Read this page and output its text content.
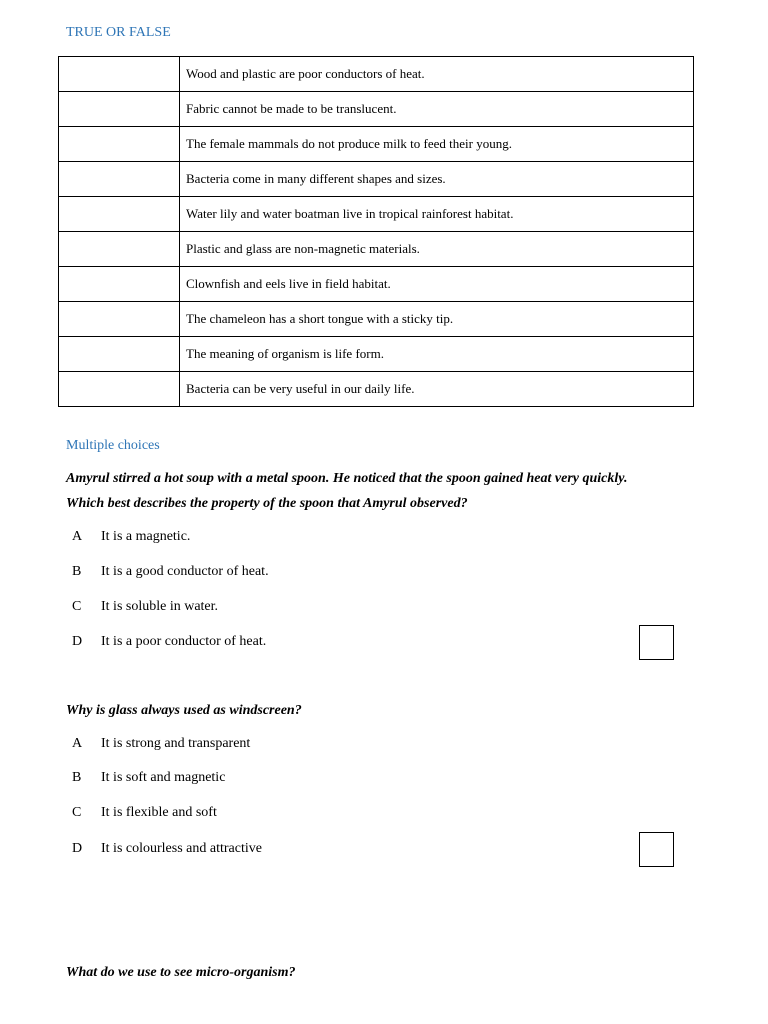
TRUE OR FALSE
	Wood and plastic are poor conductors of heat.
	Fabric cannot be made to be translucent.
	The female mammals do not produce milk to feed their young.
	Bacteria come in many different shapes and sizes.
	Water lily and water boatman live in tropical rainforest habitat.
	Plastic and glass are non-magnetic materials.
	Clownfish and eels live in field habitat.
	The chameleon has a short tongue with a sticky tip.
	The meaning of organism is life form.
	Bacteria can be very useful in our daily life.
Multiple choices
Amyrul stirred a hot soup with a metal spoon. He noticed that the spoon gained heat very quickly. Which best describes the property of the spoon that Amyrul observed?
A It is a magnetic.
B It is a good conductor of heat.
C It is soluble in water.
D It is a poor conductor of heat.
Why is glass always used as windscreen?
A It is strong and transparent
B It is soft and magnetic
C It is flexible and soft
D It is colourless and attractive
What do we use to see micro-organism?
